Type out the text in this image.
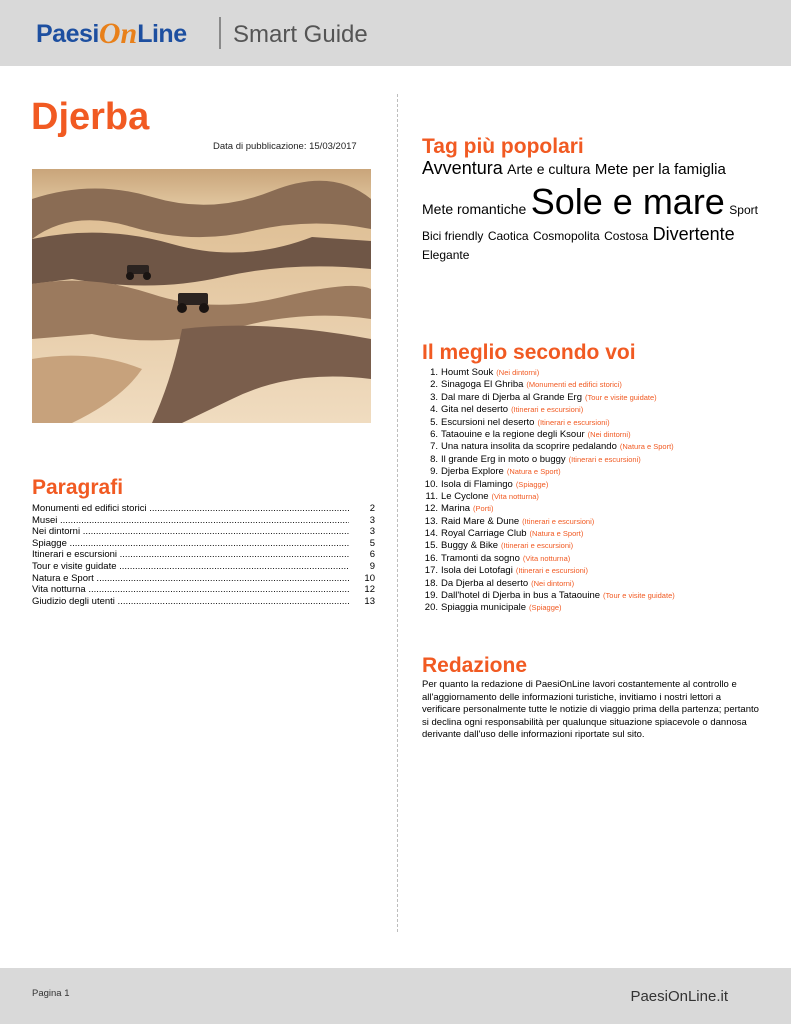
Paesi On Line Smart Guide
Djerba
Data di pubblicazione: 15/03/2017
Paragrafi
Monumenti ed edifici storici .....	2
Musei .....	3
Nei dintorni .....	3
Spiagge .....	5
Itinerari e escursioni .....	6
Tour e visite guidate .....	9
Natura e Sport .....	10
Vita notturna .....	12
Giudizio degli utenti .....	13
Tag più popolari
Avventura Arte e cultura Mete per la famiglia Mete romantiche Sole e mare Sport Bici friendly Caotica Cosmopolita Costosa Divertente Elegante
Il meglio secondo voi
1. Houmt Souk (Nei dintorni)
2. Sinagoga El Ghriba (Monumenti ed edifici storici)
3. Dal mare di Djerba al Grande Erg (Tour e visite guidate)
4. Gita nel deserto (Itinerari e escursioni)
5. Escursioni nel deserto (Itinerari e escursioni)
6. Tataouine e la regione degli Ksour (Nei dintorni)
7. Una natura insolita da scoprire pedalando (Natura e Sport)
8. Il grande Erg in moto o buggy (Itinerari e escursioni)
9. Djerba Explore (Natura e Sport)
10. Isola di Flamingo (Spiagge)
11. Le Cyclone (Vita notturna)
12. Marina (Porti)
13. Raid Mare & Dune (Itinerari e escursioni)
14. Royal Carriage Club (Natura e Sport)
15. Buggy & Bike (Itinerari e escursioni)
16. Tramonti da sogno (Vita notturna)
17. Isola dei Lotofagi (Itinerari e escursioni)
18. Da Djerba al deserto (Nei dintorni)
19. Dall'hotel di Djerba in bus a Tataouine (Tour e visite guidate)
20. Spiaggia municipale (Spiagge)
Redazione
Per quanto la redazione di PaesiOnLine lavori costantemente al controllo e all'aggiornamento delle informazioni turistiche, invitiamo i nostri lettori a verificare personalmente tutte le notizie di viaggio prima della partenza; pertanto si declina ogni responsabilità per qualunque situazione spiacevole o dannosa derivante dall'uso delle informazioni riportate sul sito.
Pagina 1	PaesiOnLine.it
